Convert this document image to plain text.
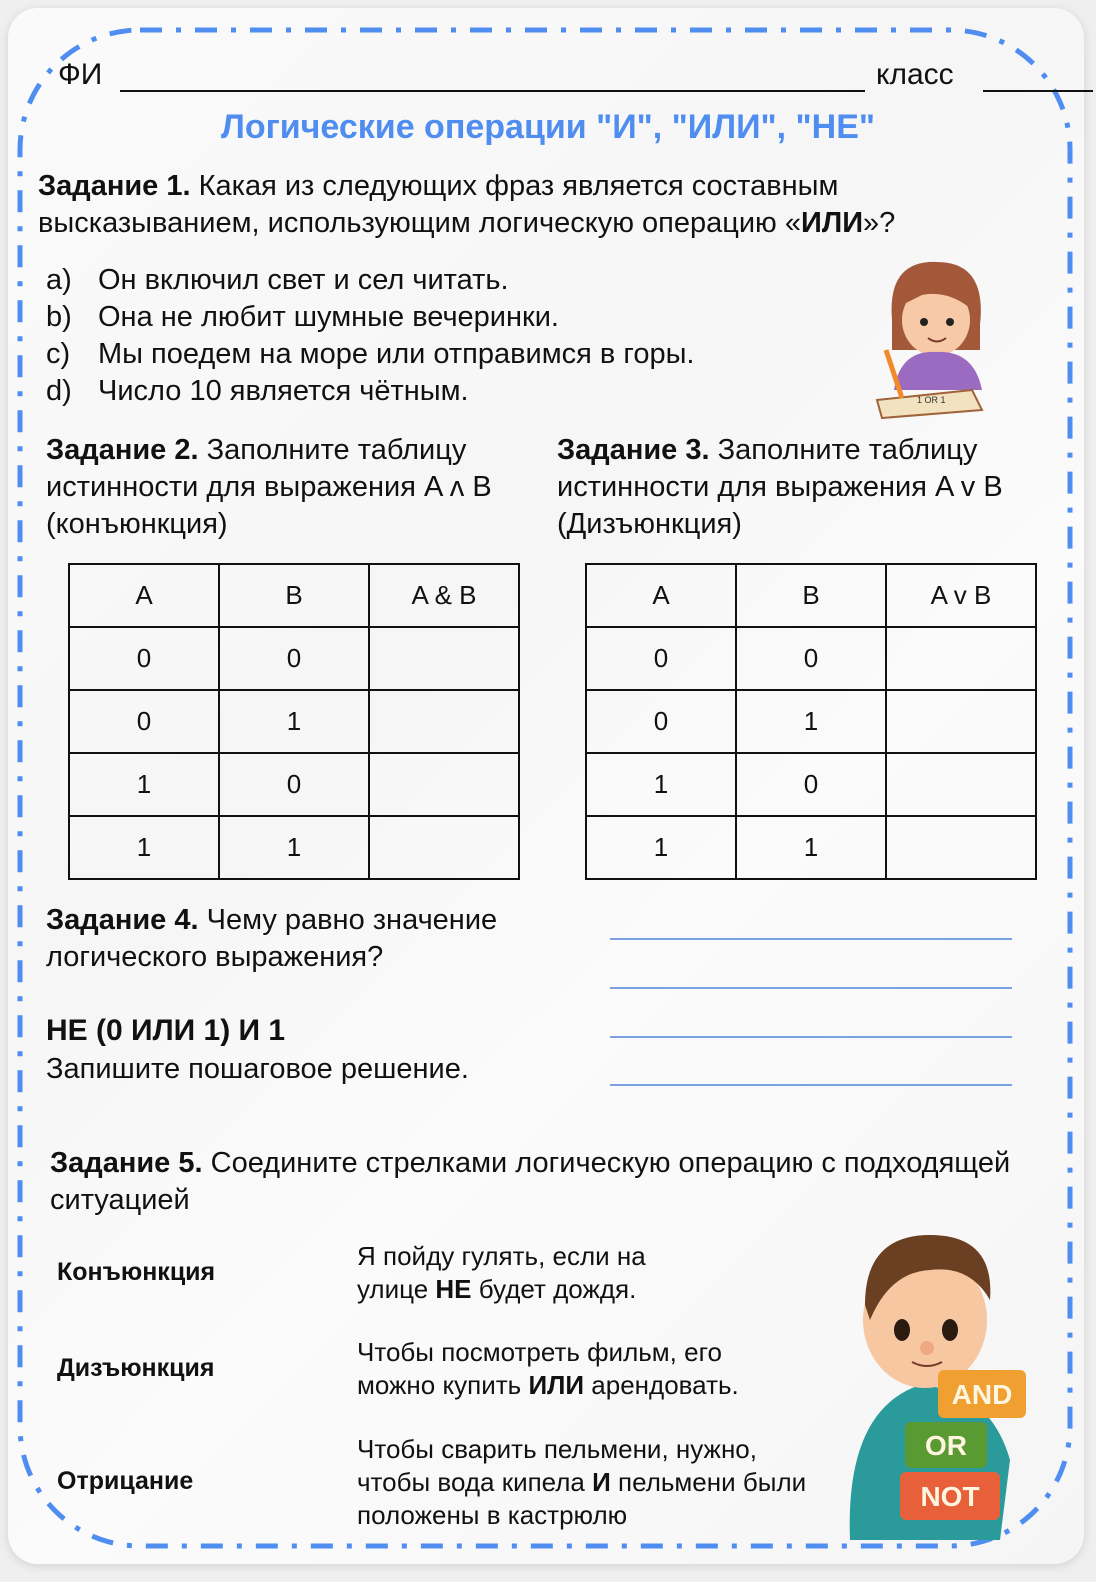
ФИ	класс
Логические операции "И", "ИЛИ", "НЕ"
Задание 1. Какая из следующих фраз является составным высказыванием, использующим логическую операцию «ИЛИ»?
a) Он включил свет и сел читать.
b) Она не любит шумные вечеринки.
c) Мы поедем на море или отправимся в горы.
d) Число 10 является чётным.	1 OR 1
Задание 2. Заполните таблицу истинности для выражения A ʌ B (конъюнкция)
Задание 3. Заполните таблицу истинности для выражения A v B (Дизъюнкция)
A	B	A & B
0	0	
0	1	
1	0	
1	1	
A	B	A v B
0	0	
0	1	
1	0	
1	1	
Задание 4. Чему равно значение логического выражения?
НЕ (0 ИЛИ 1) И 1
Запишите пошаговое решение.
Задание 5. Соедините стрелками логическую операцию с подходящей ситуацией
Конъюнкция
Дизъюнкция
Отрицание
Я пойду гулять, если на улице НЕ будет дождя.
Чтобы посмотреть фильм, его можно купить ИЛИ арендовать.
Чтобы сварить пельмени, нужно, чтобы вода кипела И пельмени были положены в кастрюлю
AND
OR
NOT
